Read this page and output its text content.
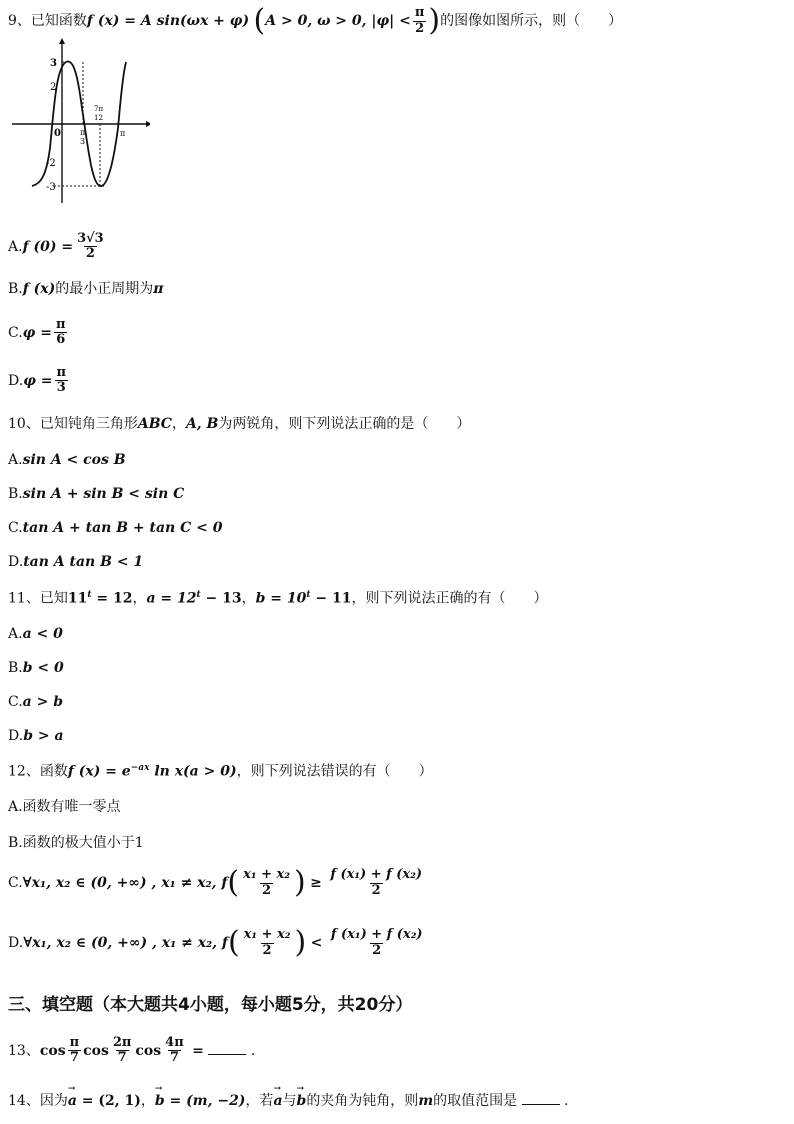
9、已知函数f (x) = A sin(ωx + φ) (A > 0, ω > 0, $|\varphi| < \frac{\pi}{2}$ )的图像如图所示，则（　　）
3
2
-2
-3
0 π
3
7π
12
π
A.f $(0) = \frac{3√3}{2}$
B.f (x)的最小正周期为π
$C.\varphi = \frac{\pi}{6}$
$D.\varphi = \frac{\pi}{3}$
10、已知钝角三角形ABC，A, B为两锐角，则下列说法正确的是（　　）
A.sin A < cos B
B.sin A + sin B < sin C
C.tan A + tan B + tan C < 0
D.tan A tan B < 1
11、已知$11^t = 12$，$a = 12^t - 13$，$b = 10^t - 11$，则下列说法正确的有（　　）
A.a < 0
B.b < 0
C.a > b
D.b > a
12、函数f $(x) = e^{-ax}$ ln x(a > 0)，则下列说法错误的有（　　）
A.函数有唯一零点
B.函数的极大值小于1
C.∀x₁, x₂ ∈ (0, +∞) , x₁ ≠ x₂, $f( \frac{\text{x₁ + x₂}}{2}$ ) ≥ $\frac{\text{f (x₁) + f (x₂)}}{2}$
D.∀x₁, x₂ ∈ (0, +∞) , x₁ ≠ x₂, $f( \frac{\text{x₁ + x₂}}{2}$ ) < $\frac{\text{f (x₁) + f (x₂)}}{2}$
三、填空题（本大题共4小题，每小题5分，共20分）
13、$\cos \frac{\pi}{7}$ $\cos \frac{2\pi}{7}$ $\cos \frac{4\pi}{7}$ =	.
14、因为→ a = (2, 1)，→ b = (m, −2)，若→ a与→ b的夹角为钝角，则m的取值范围是	.
